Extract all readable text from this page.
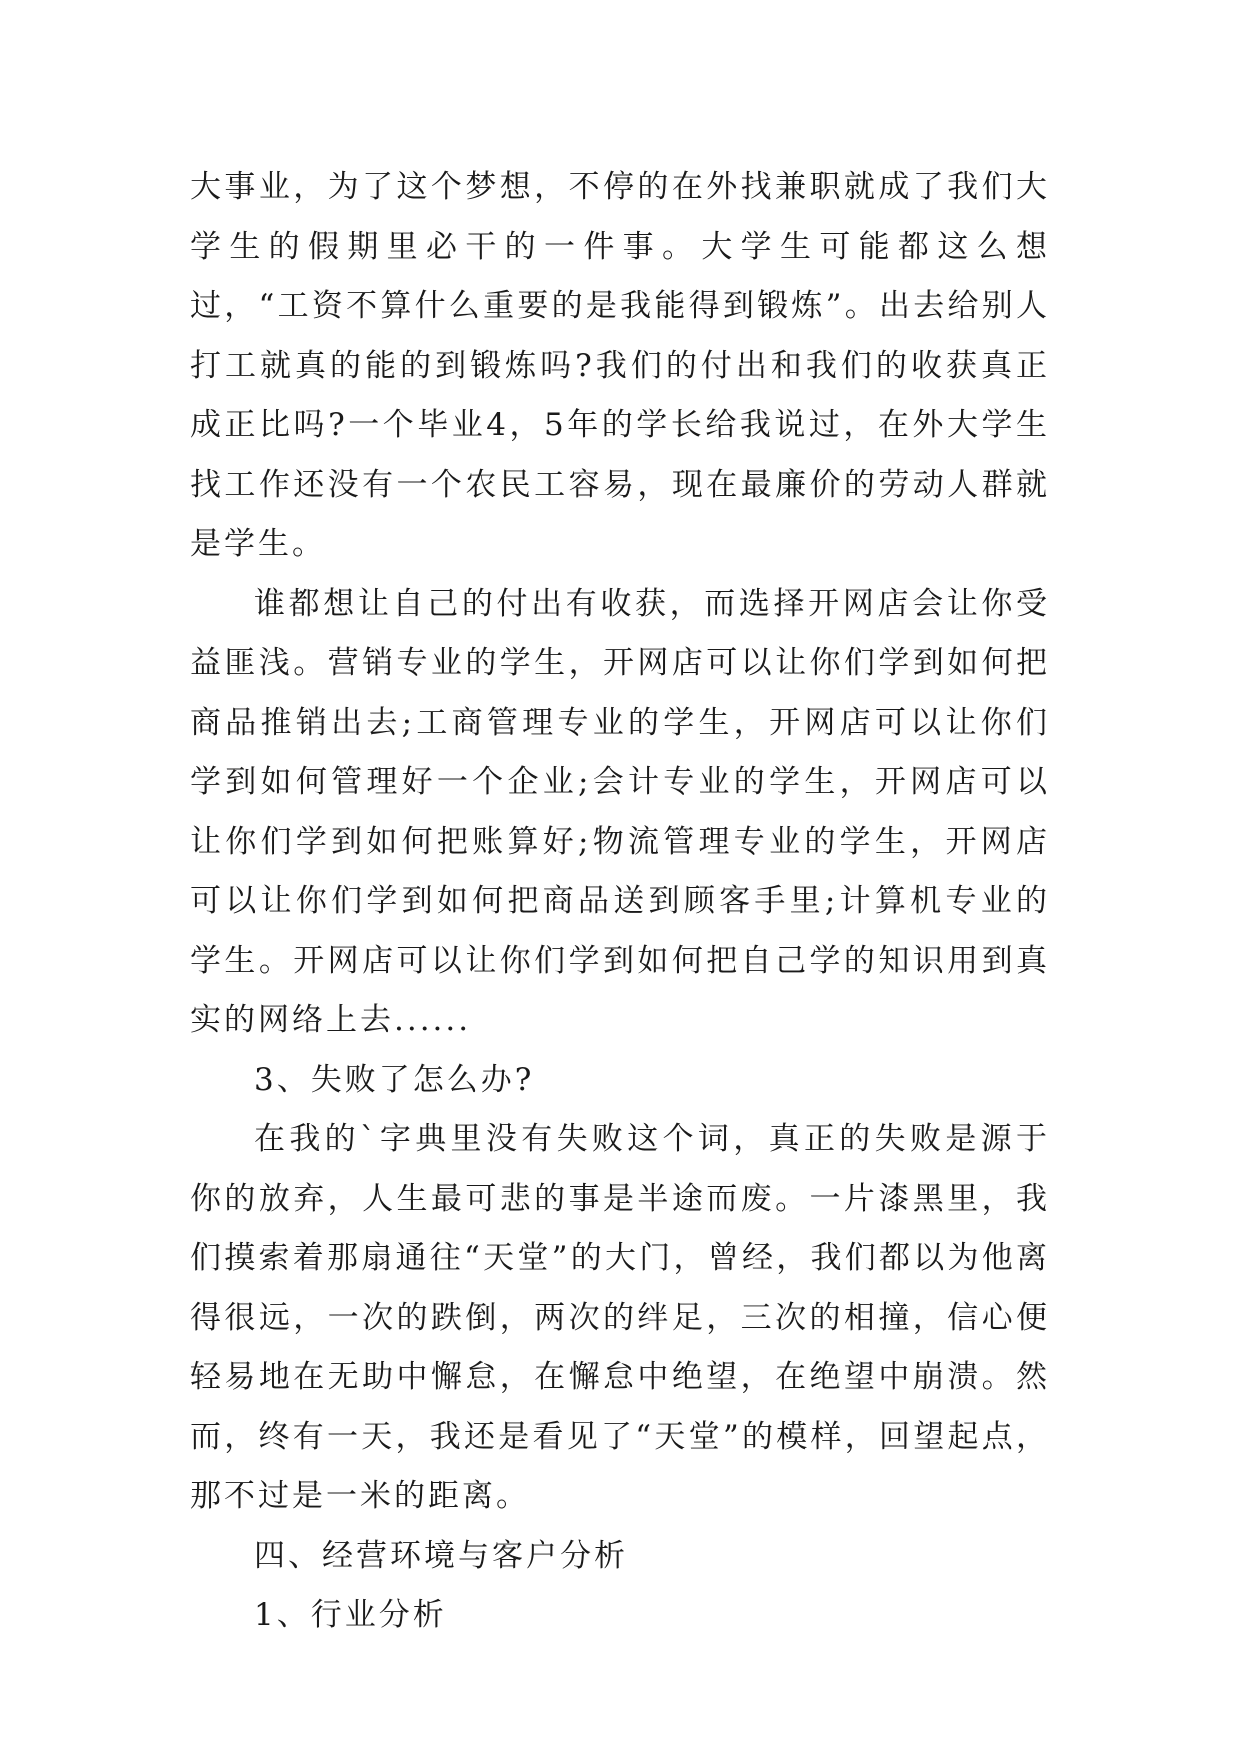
大事业，为了这个梦想，不停的在外找兼职就成了我们大学生的假期里必干的一件事。大学生可能都这么想过，“工资不算什么重要的是我能得到锻炼”。出去给别人打工就真的能的到锻炼吗?我们的付出和我们的收获真正成正比吗?一个毕业4，5年的学长给我说过，在外大学生找工作还没有一个农民工容易，现在最廉价的劳动人群就是学生。

谁都想让自己的付出有收获，而选择开网店会让你受益匪浅。营销专业的学生，开网店可以让你们学到如何把商品推销出去;工商管理专业的学生，开网店可以让你们学到如何管理好一个企业;会计专业的学生，开网店可以让你们学到如何把账算好;物流管理专业的学生，开网店可以让你们学到如何把商品送到顾客手里;计算机专业的学生。开网店可以让你们学到如何把自己学的知识用到真实的网络上去......

3、失败了怎么办?

在我的`字典里没有失败这个词，真正的失败是源于你的放弃，人生最可悲的事是半途而废。一片漆黑里，我们摸索着那扇通往“天堂”的大门，曾经，我们都以为他离得很远，一次的跌倒，两次的绊足，三次的相撞，信心便轻易地在无助中懈怠，在懈怠中绝望，在绝望中崩溃。然而，终有一天，我还是看见了“天堂”的模样，回望起点，那不过是一米的距离。

四、经营环境与客户分析

1、行业分析
